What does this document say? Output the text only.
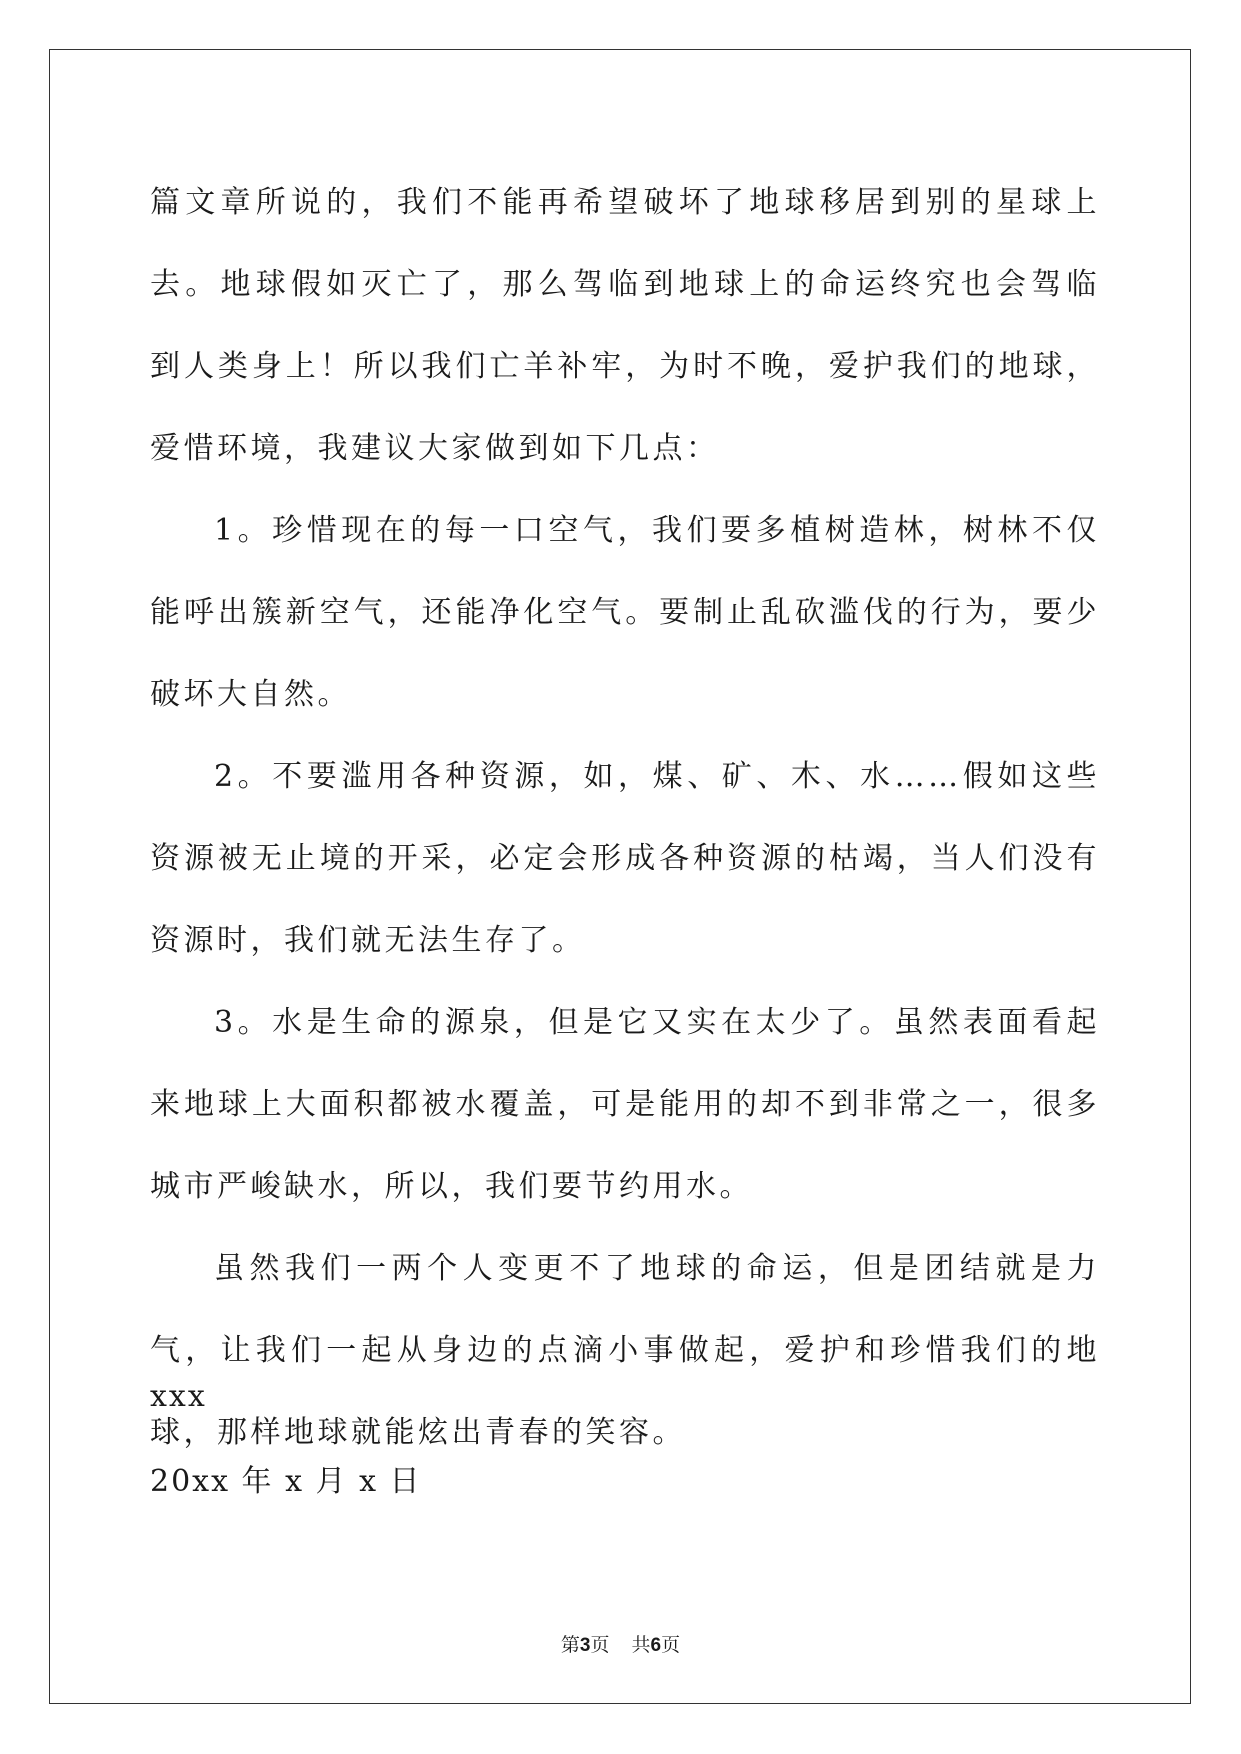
篇文章所说的，我们不能再希望破坏了地球移居到别的星球上去。地球假如灭亡了，那么驾临到地球上的命运终究也会驾临 到人类身上！所以我们亡羊补牢，为时不晚，爱护我们的地球，爱惜环境，我建议大家做到如下几点：

1。珍惜现在的每一口空气，我们要多植树造林，树林不仅能呼出簇新空气，还能净化空气。要制止乱砍滥伐的行为，要少破坏大自然。

2。不要滥用各种资源，如，煤、矿、木、水……假如这些资源被无止境的开采，必定会形成各种资源的枯竭，当人们没有资源时，我们就无法生存了。

3。水是生命的源泉，但是它又实在太少了。虽然表面看起来地球上大面积都被水覆盖，可是能用的却不到非常之一，很多城市严峻缺水，所以，我们要节约用水。

虽然我们一两个人变更不了地球的命运，但是团结就是力气，让我们一起从身边的点滴小事做起，爱护和珍惜我们的地球，那样地球就能炫出青春的笑容。

xxx

20xx 年 x 月 x 日

第3页 共6页
